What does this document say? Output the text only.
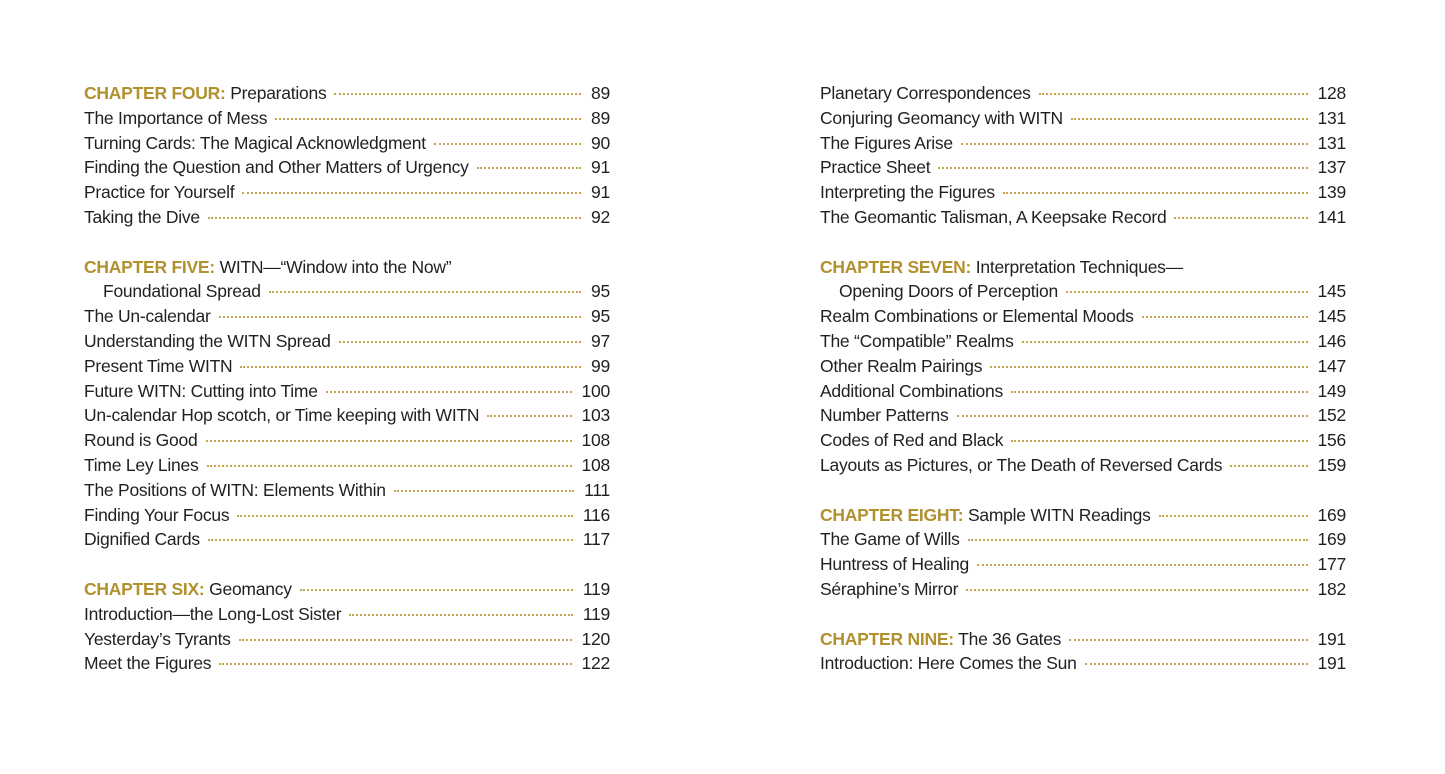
CHAPTER FOUR: Preparations	89
The Importance of Mess	89
Turning Cards: The Magical Acknowledgment	90
Finding the Question and Other Matters of Urgency	91
Practice for Yourself	91
Taking the Dive	92
CHAPTER FIVE: WITN—“Window into the Now”
Foundational Spread	95
The Un-calendar	95
Understanding the WITN Spread	97
Present Time WITN	99
Future WITN: Cutting into Time	100
Un-calendar Hop scotch, or Time keeping with WITN	103
Round is Good	108
Time Ley Lines	108
The Positions of WITN: Elements Within	111
Finding Your Focus	116
Dignified Cards	117
CHAPTER SIX: Geomancy	119
Introduction—the Long-Lost Sister	119
Yesterday’s Tyrants	120
Meet the Figures	122
Planetary Correspondences	128
Conjuring Geomancy with WITN	131
The Figures Arise	131
Practice Sheet	137
Interpreting the Figures	139
The Geomantic Talisman, A Keepsake Record	141
CHAPTER SEVEN: Interpretation Techniques—
Opening Doors of Perception	145
Realm Combinations or Elemental Moods	145
The “Compatible” Realms	146
Other Realm Pairings	147
Additional Combinations	149
Number Patterns	152
Codes of Red and Black	156
Layouts as Pictures, or The Death of Reversed Cards	159
CHAPTER EIGHT: Sample WITN Readings	169
The Game of Wills	169
Huntress of Healing	177
Séraphine’s Mirror	182
CHAPTER NINE: The 36 Gates	191
Introduction: Here Comes the Sun	191
